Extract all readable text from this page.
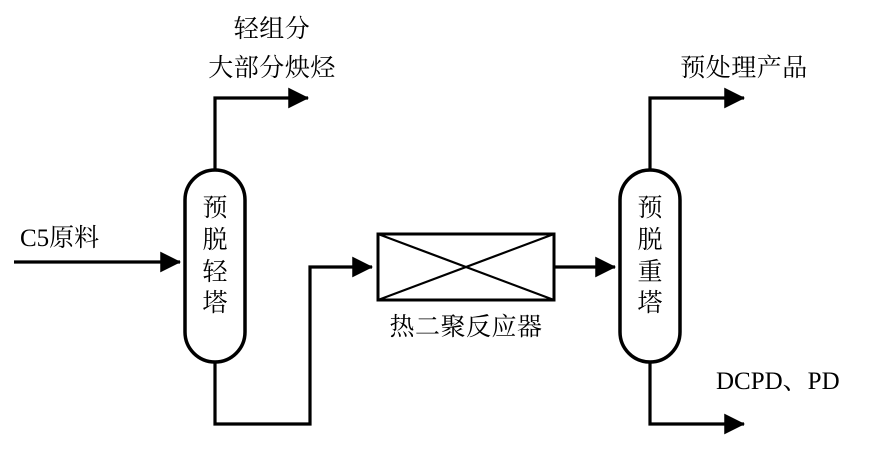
C5原料
轻组分
大部分炴烃	预处理产品
热二聚反应器
DCPD、PD
预
脱
轻
塔
预
脱
重
塔
